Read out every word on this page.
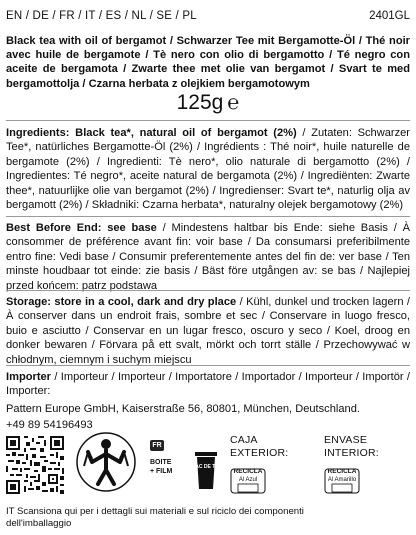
EN / DE / FR / IT / ES / NL / SE / PL	2401GL
Black tea with oil of bergamot / Schwarzer Tee mit Bergamotte-Öl / Thé noir avec huile de bergamote / Tè nero con olio di bergamotto / Té negro con aceite de bergamota / Zwarte thee met olie van bergamot / Svart te med bergamottolja / Czarna herbata z olejkiem bergamotowym
125g ℮
Ingredients: Black tea*, natural oil of bergamot (2%) / Zutaten: Schwarzer Tee*, natürliches Bergamotte-Öl (2%) / Ingrédients : Thé noir*, huile naturelle de bergamote (2%) / Ingredienti: Tè nero*, olio naturale di bergamotto (2%) / Ingredientes: Té negro*, aceite natural de bergamota (2%) / Ingrediënten: Zwarte thee*, natuurlijke olie van bergamot (2%) / Ingredienser: Svart te*, naturlig olja av bergamott (2%) / Składniki: Czarna herbata*, naturalny olejek bergamotowy (2%)
Best Before End: see base / Mindestens haltbar bis Ende: siehe Basis / À consommer de préférence avant fin: voir base / Da consumarsi preferibilmente entro fine: Vedi base / Consumir preferentemente antes del fin de: ver base / Ten minste houdbaar tot einde: zie basis / Bäst före utgången av: se bas / Najlepiej przed końcem: patrz podstawa
Storage: store in a cool, dark and dry place / Kühl, dunkel und trocken lagern / À conserver dans un endroit frais, sombre et sec / Conservare in luogo fresco, buio e asciutto / Conservar en un lugar fresco, oscuro y seco / Koel, droog en donker bewaren / Förvara på ett svalt, mörkt och torrt ställe / Przechowywać w chłodnym, ciemnym i suchym miejscu
Importer / Importeur / Importeur / Importatore / Importador / Importeur / Importör / Importer:
Pattern Europe GmbH, Kaiserstraße 56, 80801, München, Deutschland.
+49 89 54196493
FR
BOITE
+ FILM
BAC DE TRI
CAJA
EXTERIOR:
RECICLA
Al Azul
ENVASE
INTERIOR:
RECICLA
Al Amarillo
IT Scansiona qui per i dettagli sui materiali e sul riciclo dei componenti dell'imballaggio
